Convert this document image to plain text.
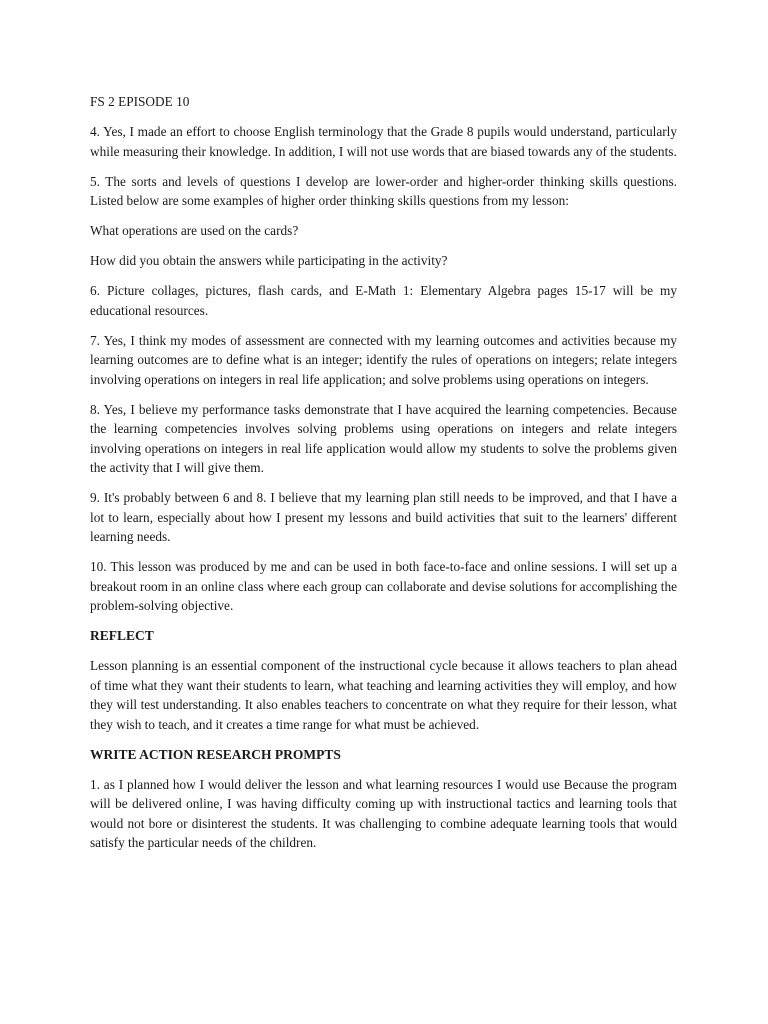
FS 2 EPISODE 10

4. Yes, I made an effort to choose English terminology that the Grade 8 pupils would understand, particularly while measuring their knowledge. In addition, I will not use words that are biased towards any of the students.

5. The sorts and levels of questions I develop are lower-order and higher-order thinking skills questions. Listed below are some examples of higher order thinking skills questions from my lesson:

What operations are used on the cards?

How did you obtain the answers while participating in the activity?

6. Picture collages, pictures, flash cards, and E-Math 1: Elementary Algebra pages 15-17 will be my educational resources.

7. Yes, I think my modes of assessment are connected with my learning outcomes and activities because my learning outcomes are to define what is an integer; identify the rules of operations on integers; relate integers involving operations on integers in real life application; and solve problems using operations on integers.

8. Yes, I believe my performance tasks demonstrate that I have acquired the learning competencies. Because the learning competencies involves solving problems using operations on integers and relate integers involving operations on integers in real life application would allow my students to solve the problems given the activity that I will give them.

9. It's probably between 6 and 8. I believe that my learning plan still needs to be improved, and that I have a lot to learn, especially about how I present my lessons and build activities that suit to the learners' different learning needs.

10. This lesson was produced by me and can be used in both face-to-face and online sessions. I will set up a breakout room in an online class where each group can collaborate and devise solutions for accomplishing the problem-solving objective.

REFLECT

Lesson planning is an essential component of the instructional cycle because it allows teachers to plan ahead of time what they want their students to learn, what teaching and learning activities they will employ, and how they will test understanding. It also enables teachers to concentrate on what they require for their lesson, what they wish to teach, and it creates a time range for what must be achieved.

WRITE ACTION RESEARCH PROMPTS

1. as I planned how I would deliver the lesson and what learning resources I would use Because the program will be delivered online, I was having difficulty coming up with instructional tactics and learning tools that would not bore or disinterest the students. It was challenging to combine adequate learning tools that would satisfy the particular needs of the children.
